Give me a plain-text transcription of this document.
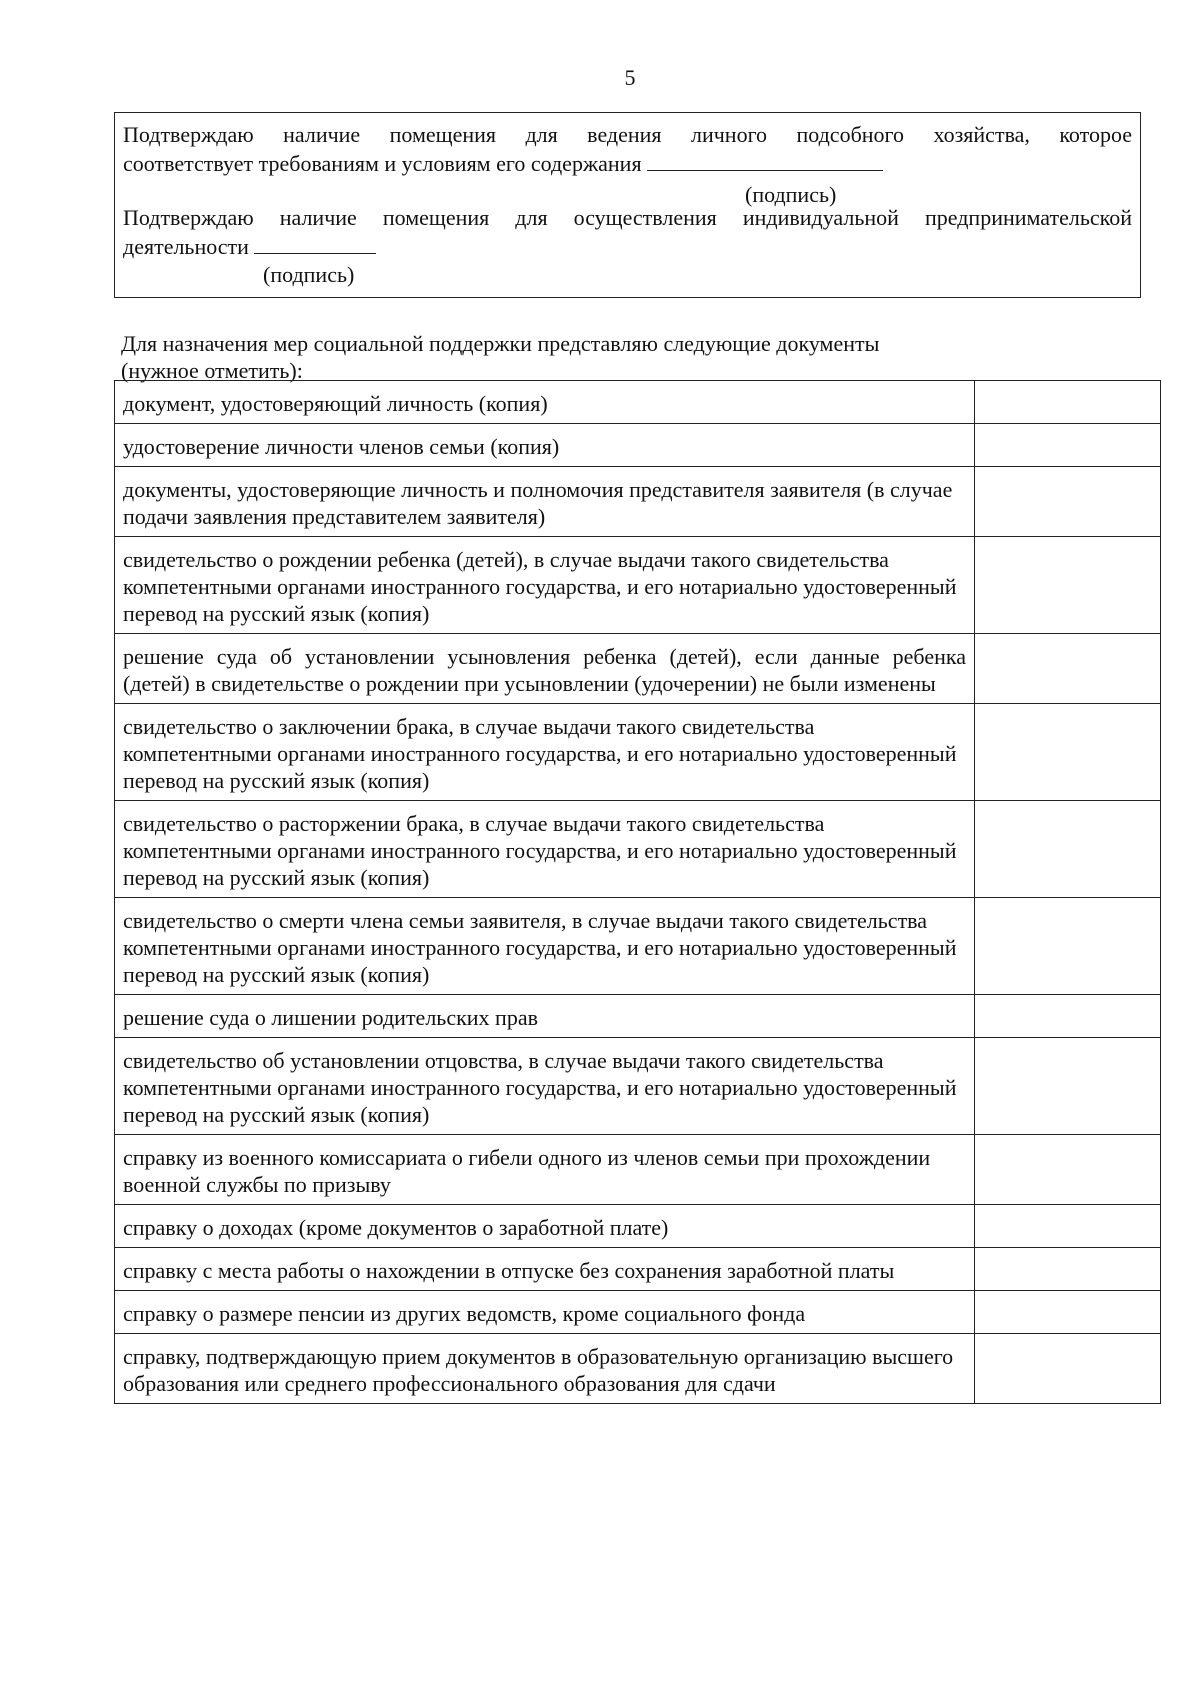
5
Подтверждаю наличие помещения для ведения личного подсобного хозяйства, которое
соответствует требованиям и условиям его содержания
(подпись)
Подтверждаю наличие помещения для осуществления индивидуальной предпринимательской
деятельности
(подпись)
Для назначения мер социальной поддержки представляю следующие документы
(нужное отметить):
документ, удостоверяющий личность (копия)	
удостоверение личности членов семьи (копия)	
документы, удостоверяющие личность и полномочия представителя заявителя (в случае подачи заявления представителем заявителя)	
свидетельство о рождении ребенка (детей), в случае выдачи такого свидетельства компетентными органами иностранного государства, и его нотариально удостоверенный перевод на русский язык (копия)	
решение суда об установлении усыновления ребенка (детей), если данные ребенка (детей) в свидетельстве о рождении при усыновлении (удочерении) не были изменены	
свидетельство о заключении брака, в случае выдачи такого свидетельства компетентными органами иностранного государства, и его нотариально удостоверенный перевод на русский язык (копия)	
свидетельство о расторжении брака, в случае выдачи такого свидетельства компетентными органами иностранного государства, и его нотариально удостоверенный перевод на русский язык (копия)	
свидетельство о смерти члена семьи заявителя, в случае выдачи такого свидетельства компетентными органами иностранного государства, и его нотариально удостоверенный перевод на русский язык (копия)	
решение суда о лишении родительских прав	
свидетельство об установлении отцовства, в случае выдачи такого свидетельства компетентными органами иностранного государства, и его нотариально удостоверенный перевод на русский язык (копия)	
справку из военного комиссариата о гибели одного из членов семьи при прохождении военной службы по призыву	
справку о доходах (кроме документов о заработной плате)	
справку с места работы о нахождении в отпуске без сохранения заработной платы	
справку о размере пенсии из других ведомств, кроме социального фонда	
справку, подтверждающую прием документов в образовательную организацию высшего образования или среднего профессионального образования для сдачи	
